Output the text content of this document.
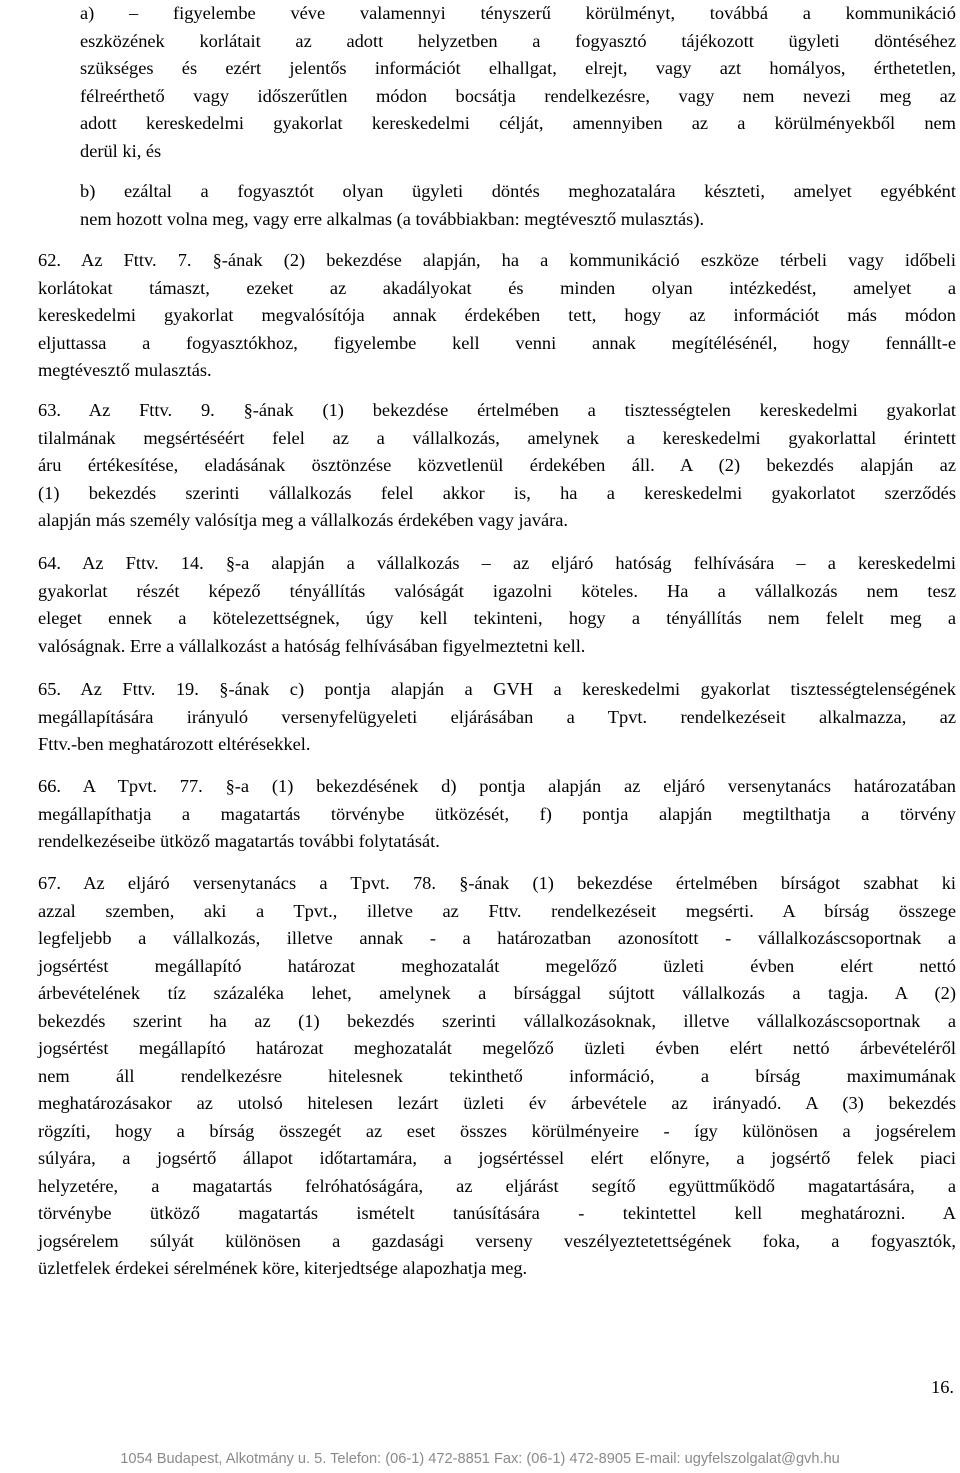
a) – figyelembe véve valamennyi tényszerű körülményt, továbbá a kommunikáció
eszközének korlátait az adott helyzetben a fogyasztó tájékozott ügyleti döntéséhez
szükséges és ezért jelentős információt elhallgat, elrejt, vagy azt homályos, érthetetlen,
félreérthető vagy időszerűtlen módon bocsátja rendelkezésre, vagy nem nevezi meg az
adott kereskedelmi gyakorlat kereskedelmi célját, amennyiben az a körülményekből nem
derül ki, és
b) ezáltal a fogyasztót olyan ügyleti döntés meghozatalára készteti, amelyet egyébként
nem hozott volna meg, vagy erre alkalmas (a továbbiakban: megtévesztő mulasztás).
62. Az Fttv. 7. §-ának (2) bekezdése alapján, ha a kommunikáció eszköze térbeli vagy időbeli
korlátokat támaszt, ezeket az akadályokat és minden olyan intézkedést, amelyet a
kereskedelmi gyakorlat megvalósítója annak érdekében tett, hogy az információt más módon
eljuttassa a fogyasztókhoz, figyelembe kell venni annak megítélésénél, hogy fennállt-e
megtévesztő mulasztás.
63. Az Fttv. 9. §-ának (1) bekezdése értelmében a tisztességtelen kereskedelmi gyakorlat
tilalmának megsértéséért felel az a vállalkozás, amelynek a kereskedelmi gyakorlattal érintett
áru értékesítése, eladásának ösztönzése közvetlenül érdekében áll. A (2) bekezdés alapján az
(1) bekezdés szerinti vállalkozás felel akkor is, ha a kereskedelmi gyakorlatot szerződés
alapján más személy valósítja meg a vállalkozás érdekében vagy javára.
64. Az Fttv. 14. §-a alapján a vállalkozás – az eljáró hatóság felhívására – a kereskedelmi
gyakorlat részét képező tényállítás valóságát igazolni köteles. Ha a vállalkozás nem tesz
eleget ennek a kötelezettségnek, úgy kell tekinteni, hogy a tényállítás nem felelt meg a
valóságnak. Erre a vállalkozást a hatóság felhívásában figyelmeztetni kell.
65. Az Fttv. 19. §-ának c) pontja alapján a GVH a kereskedelmi gyakorlat tisztességtelenségének
megállapítására irányuló versenyfelügyeleti eljárásában a Tpvt. rendelkezéseit alkalmazza, az
Fttv.-ben meghatározott eltérésekkel.
66. A Tpvt. 77. §-a (1) bekezdésének d) pontja alapján az eljáró versenytanács határozatában
megállapíthatja a magatartás törvénybe ütközését, f) pontja alapján megtilthatja a törvény
rendelkezéseibe ütköző magatartás további folytatását.
67. Az eljáró versenytanács a Tpvt. 78. §-ának (1) bekezdése értelmében bírságot szabhat ki
azzal szemben, aki a Tpvt., illetve az Fttv. rendelkezéseit megsérti. A bírság összege
legfeljebb a vállalkozás, illetve annak - a határozatban azonosított - vállalkozáscsoportnak a
jogsértést megállapító határozat meghozatalát megelőző üzleti évben elért nettó
árbevételének tíz százaléka lehet, amelynek a bírsággal sújtott vállalkozás a tagja. A (2)
bekezdés szerint ha az (1) bekezdés szerinti vállalkozásoknak, illetve vállalkozáscsoportnak a
jogsértést megállapító határozat meghozatalát megelőző üzleti évben elért nettó árbevételéről
nem áll rendelkezésre hitelesnek tekinthető információ, a bírság maximumának
meghatározásakor az utolsó hitelesen lezárt üzleti év árbevétele az irányadó. A (3) bekezdés
rögzíti, hogy a bírság összegét az eset összes körülményeire - így különösen a jogsérelem
súlyára, a jogsértő állapot időtartamára, a jogsértéssel elért előnyre, a jogsértő felek piaci
helyzetére, a magatartás felróhatóságára, az eljárást segítő együttműködő magatartására, a
törvénybe ütköző magatartás ismételt tanúsítására - tekintettel kell meghatározni. A
jogsérelem súlyát különösen a gazdasági verseny veszélyeztetettségének foka, a fogyasztók,
üzletfelek érdekei sérelmének köre, kiterjedtsége alapozhatja meg.
16.
1054 Budapest, Alkotmány u. 5. Telefon: (06-1) 472-8851 Fax: (06-1) 472-8905 E-mail: ugyfelszolgalat@gvh.hu
